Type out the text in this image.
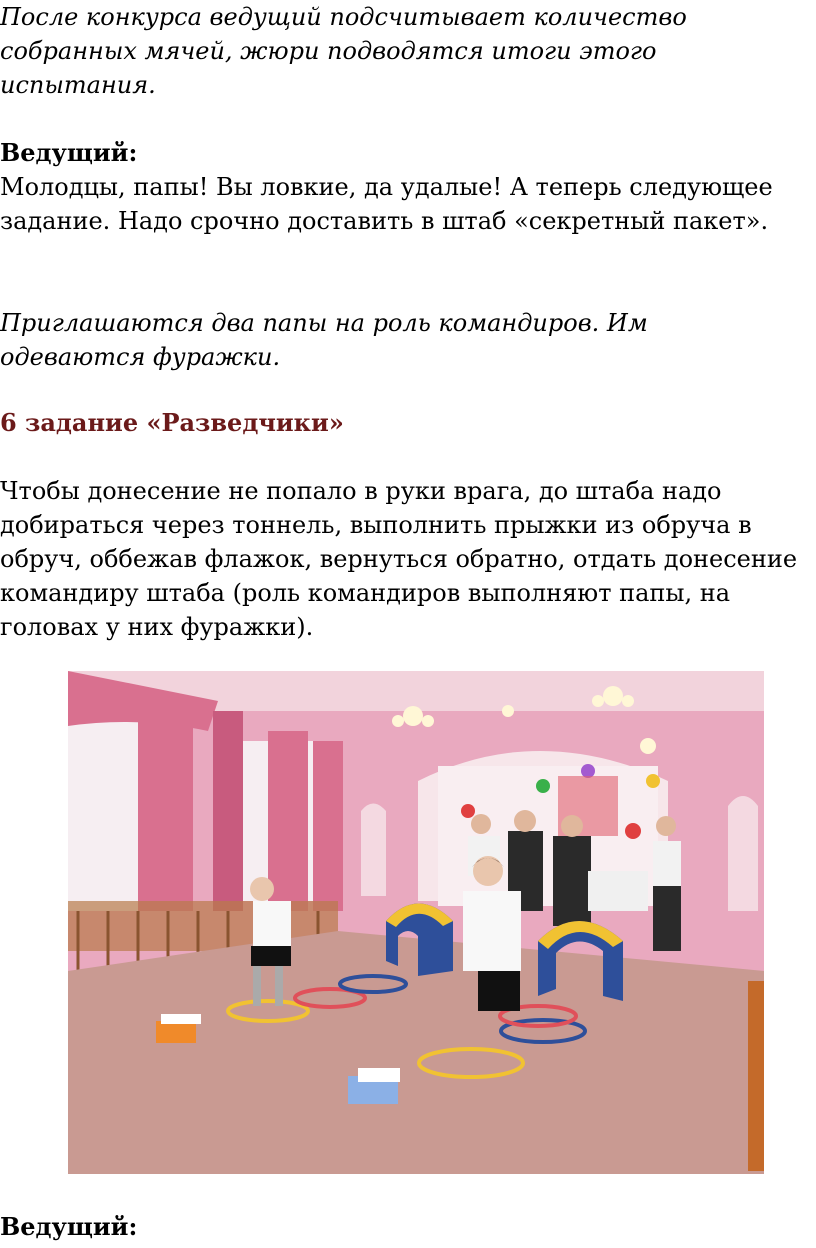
После конкурса ведущий подсчитывает количество
собранных мячей, жюри подводятся итоги этого
испытания.

Ведущий:

Молодцы, папы! Вы ловкие, да удалые! А теперь следующее
задание. Надо срочно доставить в штаб «секретный пакет».

Приглашаются два папы на роль командиров. Им
одеваются фуражки.

6 задание «Разведчики»

Чтобы донесение не попало в руки врага, до штаба надо
добираться через тоннель, выполнить прыжки из обруча в
обруч, оббежав флажок, вернуться обратно, отдать донесение
командиру штаба (роль командиров выполняют папы, на
головах у них фуражки).

Ведущий:
